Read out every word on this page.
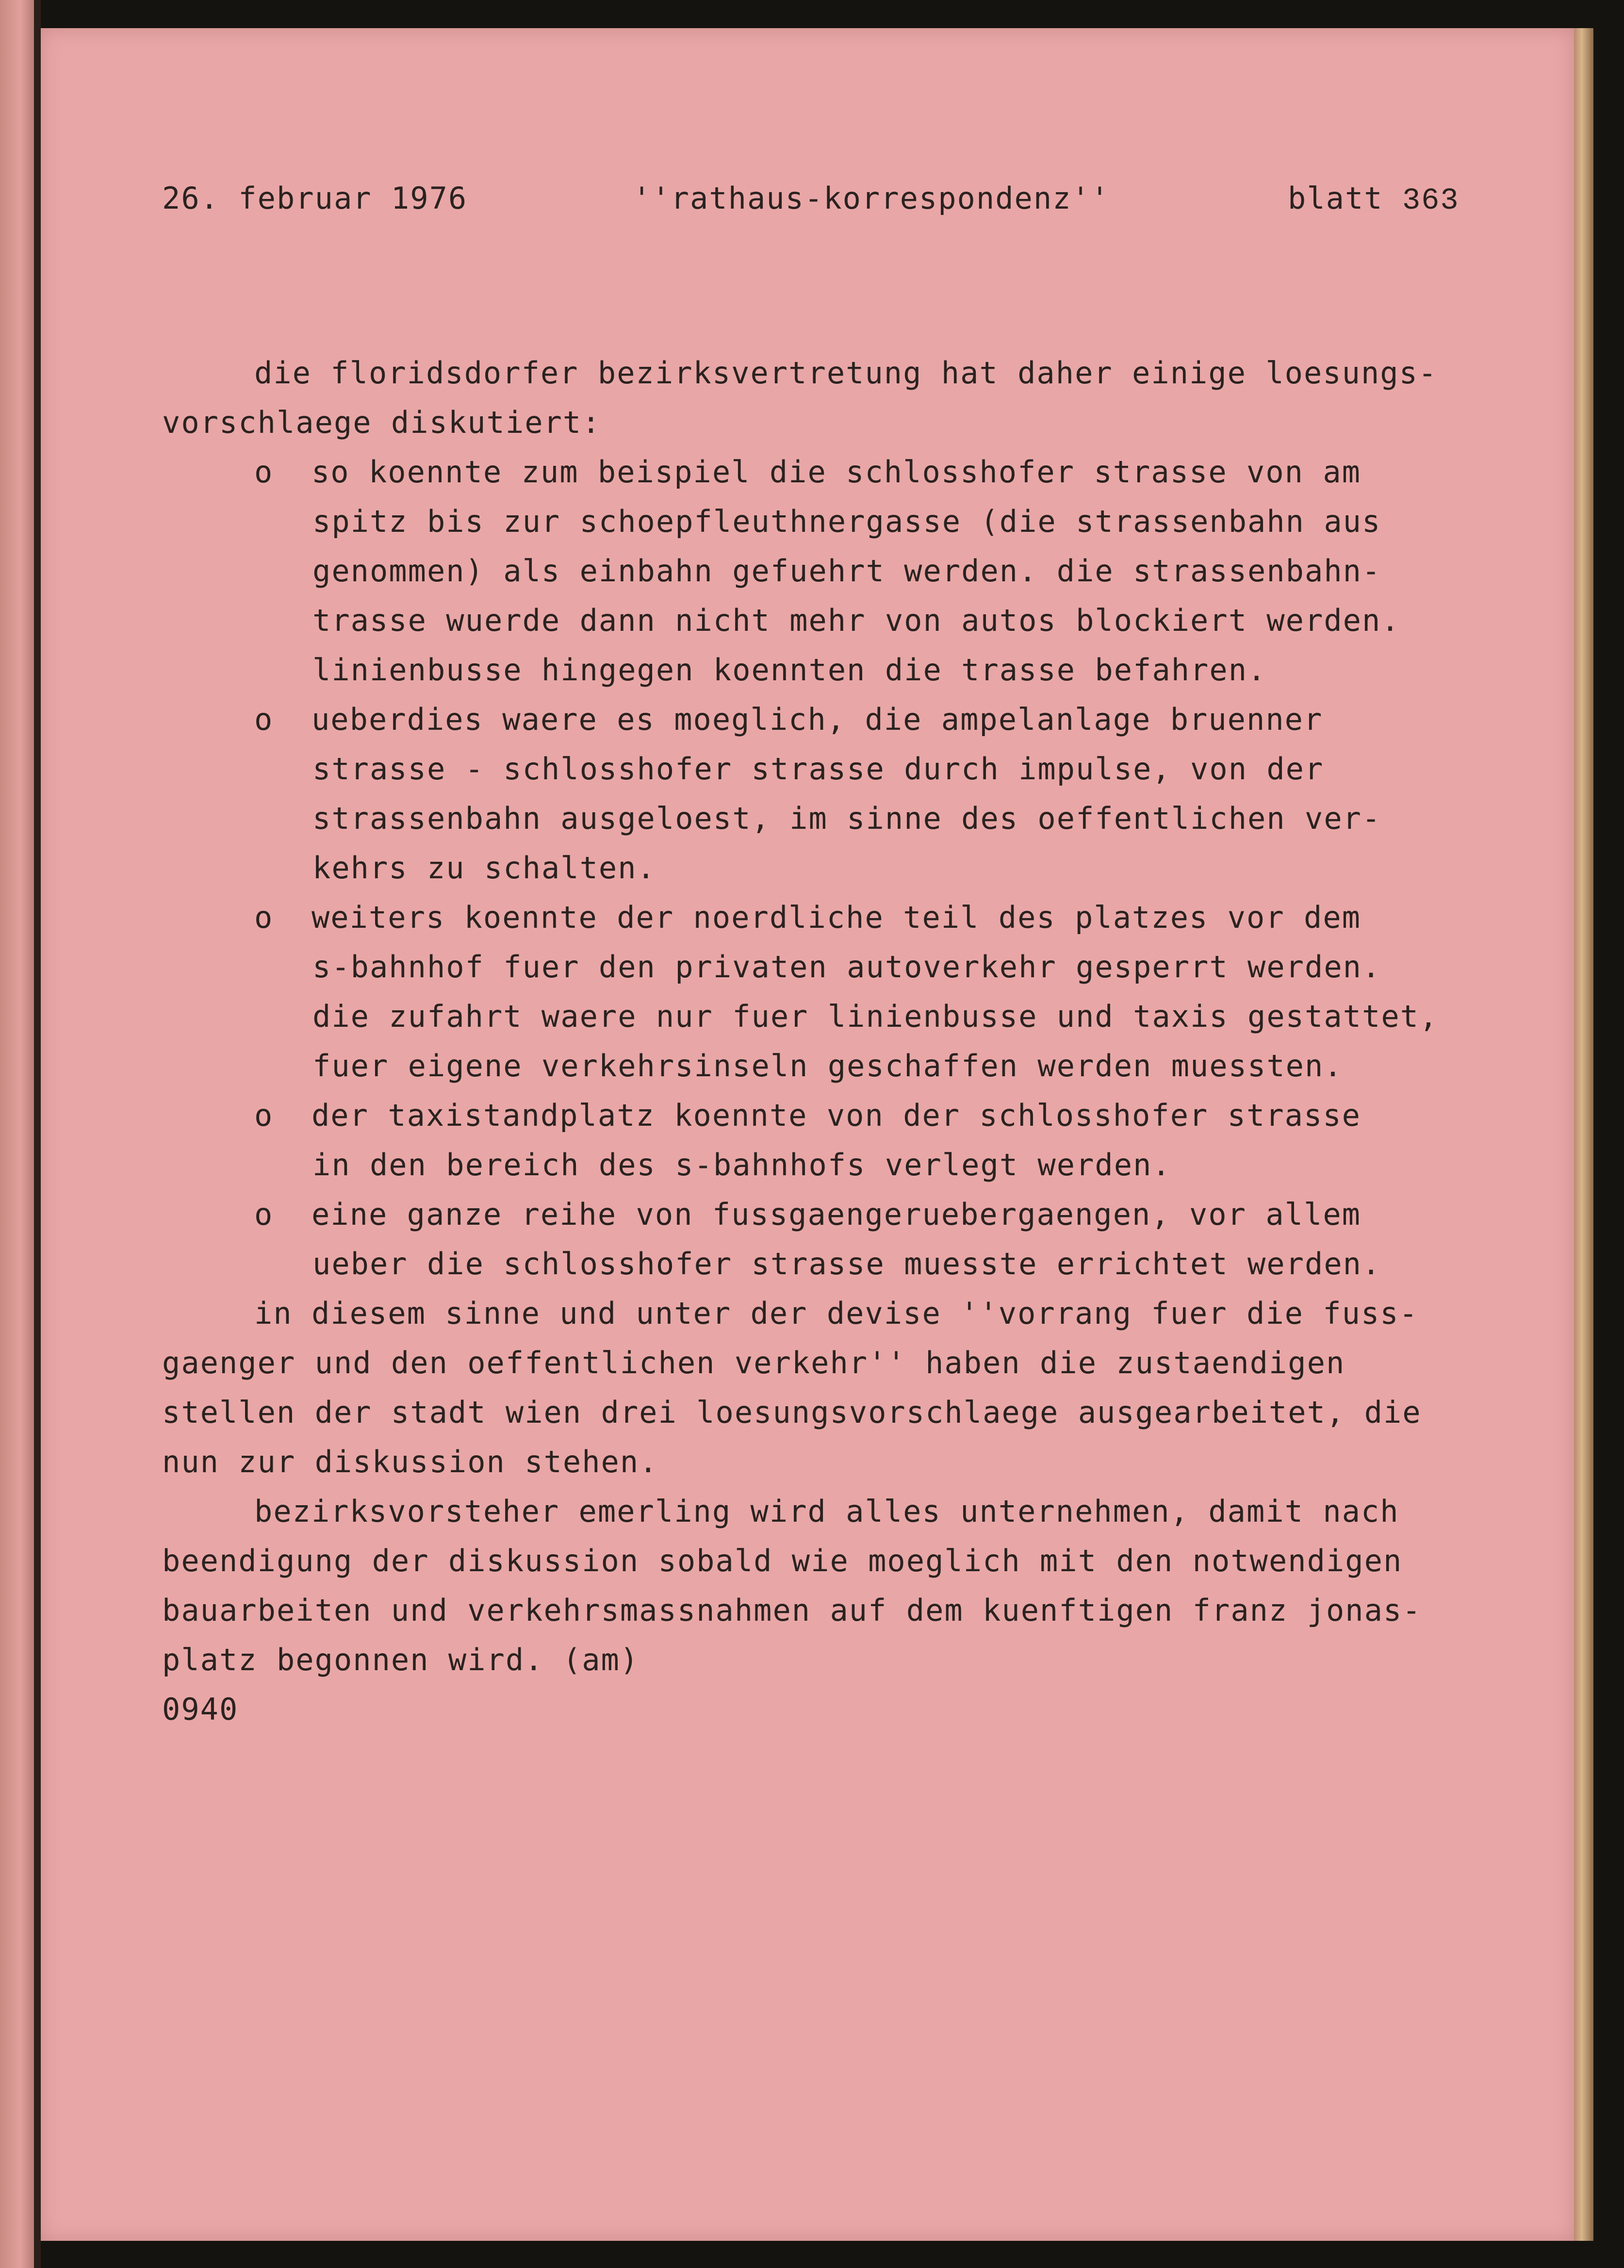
26. februar 1976	''rathaus-korrespondenz''	blatt 363
die floridsdorfer bezirksvertretung hat daher einige loesungs-
vorschlaege diskutiert:
o  so koennte zum beispiel die schlosshofer strasse von am
spitz bis zur schoepfleuthnergasse (die strassenbahn aus
genommen) als einbahn gefuehrt werden. die strassenbahn-
trasse wuerde dann nicht mehr von autos blockiert werden.
linienbusse hingegen koennten die trasse befahren.
o  ueberdies waere es moeglich, die ampelanlage bruenner
strasse - schlosshofer strasse durch impulse, von der
strassenbahn ausgeloest, im sinne des oeffentlichen ver-
kehrs zu schalten.
o  weiters koennte der noerdliche teil des platzes vor dem
s-bahnhof fuer den privaten autoverkehr gesperrt werden.
die zufahrt waere nur fuer linienbusse und taxis gestattet,
fuer eigene verkehrsinseln geschaffen werden muessten.
o  der taxistandplatz koennte von der schlosshofer strasse
in den bereich des s-bahnhofs verlegt werden.
o  eine ganze reihe von fussgaengeruebergaengen, vor allem
ueber die schlosshofer strasse muesste errichtet werden.
in diesem sinne und unter der devise ''vorrang fuer die fuss-
gaenger und den oeffentlichen verkehr'' haben die zustaendigen
stellen der stadt wien drei loesungsvorschlaege ausgearbeitet, die
nun zur diskussion stehen.
bezirksvorsteher emerling wird alles unternehmen, damit nach
beendigung der diskussion sobald wie moeglich mit den notwendigen
bauarbeiten und verkehrsmassnahmen auf dem kuenftigen franz jonas-
platz begonnen wird. (am)
0940
